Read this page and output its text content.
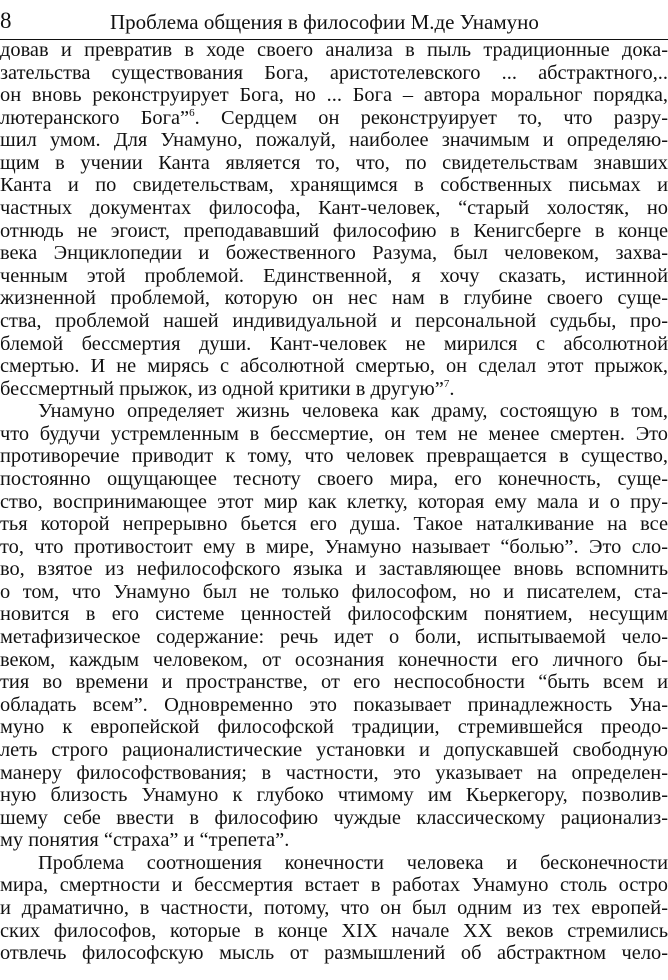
8	Проблема общения в философии М.де Унамуно
довав и превратив в ходе своего анализа в пыль традиционные дока-
зательства существования Бога, аристотелевского ... абстрактного,..
он вновь реконструирует Бога, но ... Бога – автора моральног порядка,
лютеранского Бога”$^6$. Сердцем он реконструирует то, что разру-
шил умом. Для Унамуно, пожалуй, наиболее значимым и определяю-
щим в учении Канта является то, что, по свидетельствам знавших
Канта и по свидетельствам, хранящимся в собственных письмах и
частных документах философа, Кант-человек, “старый холостяк, но
отнюдь не эгоист, преподававший философию в Кенигсберге в конце
века Энциклопедии и божественного Разума, был человеком, захва-
ченным этой проблемой. Единственной, я хочу сказать, истинной
жизненной проблемой, которую он нес нам в глубине своего суще-
ства, проблемой нашей индивидуальной и персональной судьбы, про-
блемой бессмертия души. Кант-человек не мирился с абсолютной
смертью. И не мирясь с абсолютной смертью, он сделал этот прыжок,
бессмертный прыжок, из одной критики в другую”$^7$.
Унамуно определяет жизнь человека как драму, состоящую в том,
что будучи устремленным в бессмертие, он тем не менее смертен. Это
противоречие приводит к тому, что человек превращается в существо,
постоянно ощущающее тесноту своего мира, его конечность, суще-
ство, воспринимающее этот мир как клетку, которая ему мала и о пру-
тья которой непрерывно бьется его душа. Такое наталкивание на все
то, что противостоит ему в мире, Унамуно называет “болью”. Это сло-
во, взятое из нефилософского языка и заставляющее вновь вспомнить
о том, что Унамуно был не только философом, но и писателем, ста-
новится в его системе ценностей философским понятием, несущим
метафизическое содержание: речь идет о боли, испытываемой чело-
веком, каждым человеком, от осознания конечности его личного бы-
тия во времени и пространстве, от его неспособности “быть всем и
обладать всем”. Одновременно это показывает принадлежность Уна-
муно к европейской философской традиции, стремившейся преодо-
леть строго рационалистические установки и допускавшей свободную
манеру философствования; в частности, это указывает на определен-
ную близость Унамуно к глубоко чтимому им Кьеркегору, позволив-
шему себе ввести в философию чуждые классическому рационализ-
му понятия “страха” и “трепета”.
Проблема соотношения конечности человека и бесконечности
мира, смертности и бессмертия встает в работах Унамуно столь остро
и драматично, в частности, потому, что он был одним из тех европей-
ских философов, которые в конце XIX начале XX веков стремились
отвлечь философскую мысль от размышлений об абстрактном чело-
